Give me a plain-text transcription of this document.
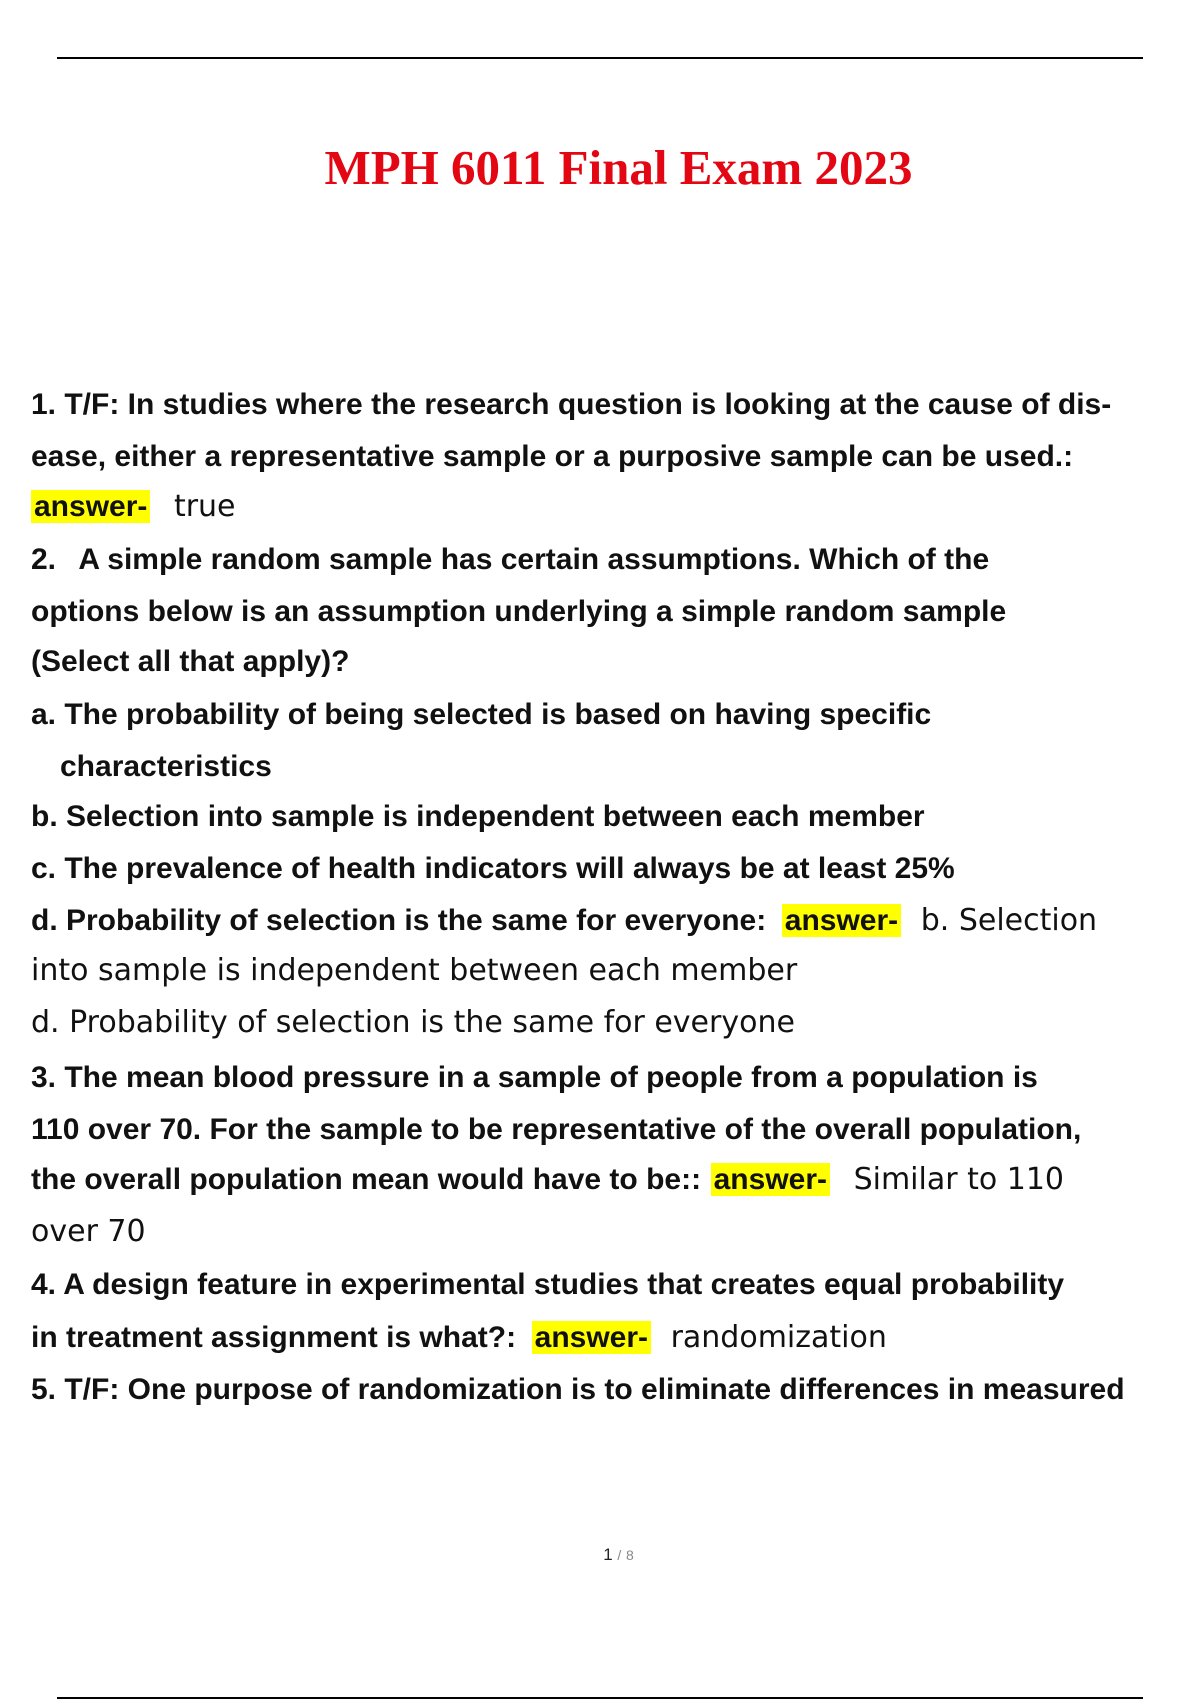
MPH 6011 Final Exam 2023
1. T/F: In studies where the research question is looking at the cause of dis-
ease, either a representative sample or a purposive sample can be used.:
answer- true
2. A simple random sample has certain assumptions. Which of the
options below is an assumption underlying a simple random sample
(Select all that apply)?
a. The probability of being selected is based on having specific
characteristics
b. Selection into sample is independent between each member
c. The prevalence of health indicators will always be at least 25%
d. Probability of selection is the same for everyone: answer- b. Selection
into sample is independent between each member
d. Probability of selection is the same for everyone
3. The mean blood pressure in a sample of people from a population is
110 over 70. For the sample to be representative of the overall population,
the overall population mean would have to be:: answer- Similar to 110
over 70
4. A design feature in experimental studies that creates equal probability
in treatment assignment is what?: answer- randomization
5. T/F: One purpose of randomization is to eliminate differences in measured
1 / 8
